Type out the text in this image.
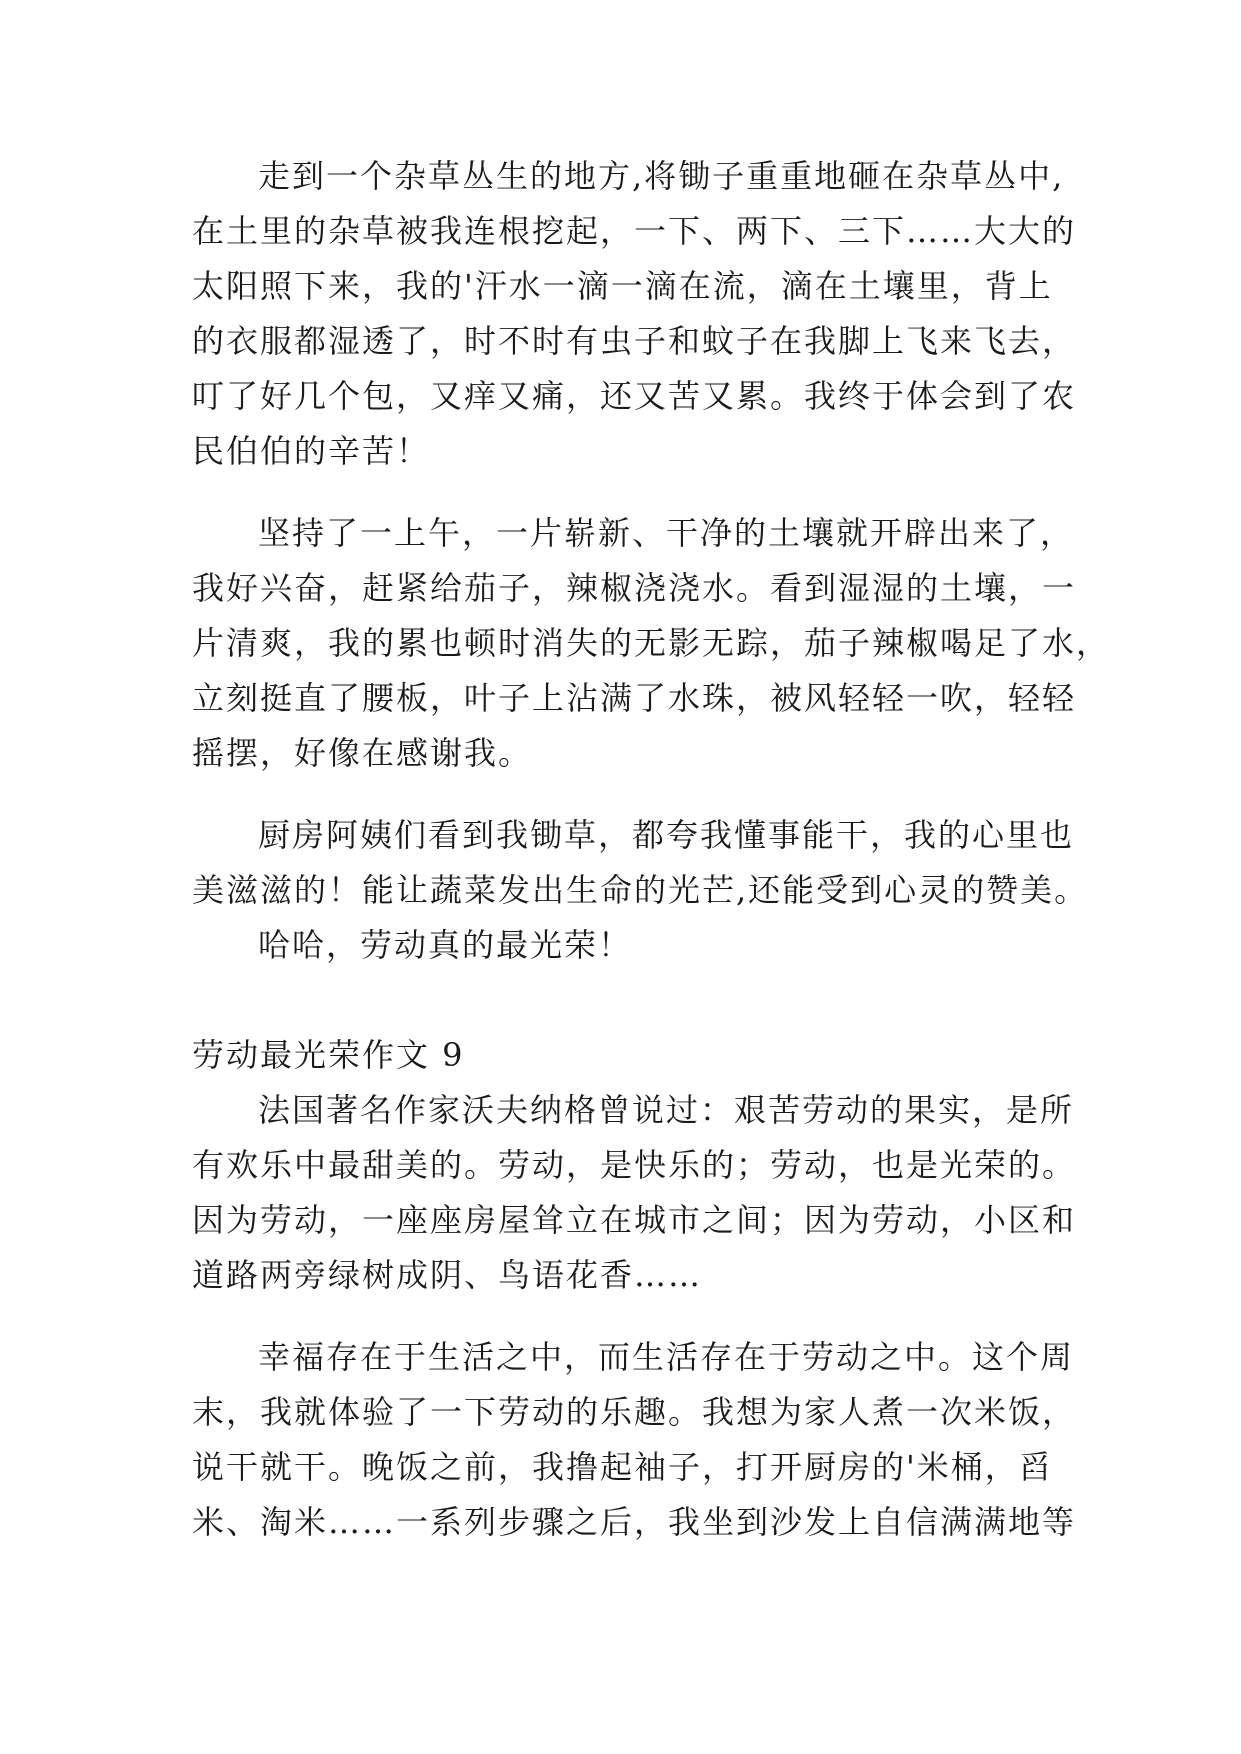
走到一个杂草丛生的地方,将锄子重重地砸在杂草丛中,
在土里的杂草被我连根挖起，一下、两下、三下……大大的
太阳照下来，我的'汗水一滴一滴在流，滴在土壤里，背上
的衣服都湿透了，时不时有虫子和蚊子在我脚上飞来飞去，
叮了好几个包，又痒又痛，还又苦又累。我终于体会到了农
民伯伯的辛苦！
坚持了一上午，一片崭新、干净的土壤就开辟出来了，
我好兴奋，赶紧给茄子，辣椒浇浇水。看到湿湿的土壤，一
片清爽，我的累也顿时消失的无影无踪，茄子辣椒喝足了水，
立刻挺直了腰板，叶子上沾满了水珠，被风轻轻一吹，轻轻
摇摆，好像在感谢我。
厨房阿姨们看到我锄草，都夸我懂事能干，我的心里也
美滋滋的！能让蔬菜发出生命的光芒,还能受到心灵的赞美。
哈哈，劳动真的最光荣！
劳动最光荣作文 9
法国著名作家沃夫纳格曾说过：艰苦劳动的果实，是所
有欢乐中最甜美的。劳动，是快乐的；劳动，也是光荣的。
因为劳动，一座座房屋耸立在城市之间；因为劳动，小区和
道路两旁绿树成阴、鸟语花香……
幸福存在于生活之中，而生活存在于劳动之中。这个周
末，我就体验了一下劳动的乐趣。我想为家人煮一次米饭，
说干就干。晚饭之前，我撸起袖子，打开厨房的'米桶，舀
米、淘米……一系列步骤之后，我坐到沙发上自信满满地等
